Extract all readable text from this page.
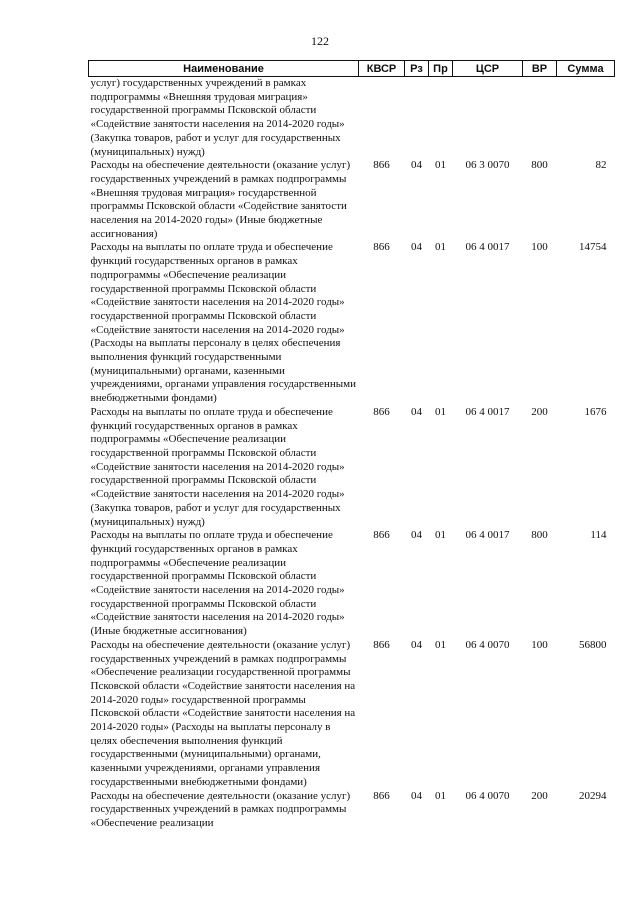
122
Наименование	КВСР	Рз	Пр	ЦСР	ВР	Сумма
услуг) государственных учреждений в рамках подпрограммы «Внешняя трудовая миграция» государственной программы Псковской области «Содействие занятости населения на 2014-2020 годы» (Закупка товаров, работ и услуг для государственных (муниципальных) нужд)						
Расходы на обеспечение деятельности (оказание услуг) государственных учреждений в рамках подпрограммы «Внешняя трудовая миграция» государственной программы Псковской области «Содействие занятости населения на 2014-2020 годы» (Иные бюджетные ассигнования)	866	04	01	06 3 0070	800	82
Расходы на выплаты по оплате труда и обеспечение функций государственных органов в рамках подпрограммы «Обеспечение реализации государственной программы Псковской области «Содействие занятости населения на 2014-2020 годы» государственной программы Псковской области «Содействие занятости населения на 2014-2020 годы» (Расходы на выплаты персоналу в целях обеспечения выполнения функций государственными (муниципальными) органами, казенными учреждениями, органами управления государственными внебюджетными фондами)	866	04	01	06 4 0017	100	14754
Расходы на выплаты по оплате труда и обеспечение функций государственных органов в рамках подпрограммы «Обеспечение реализации государственной программы Псковской области «Содействие занятости населения на 2014-2020 годы» государственной программы Псковской области «Содействие занятости населения на 2014-2020 годы» (Закупка товаров, работ и услуг для государственных (муниципальных) нужд)	866	04	01	06 4 0017	200	1676
Расходы на выплаты по оплате труда и обеспечение функций государственных органов в рамках подпрограммы «Обеспечение реализации государственной программы Псковской области «Содействие занятости населения на 2014-2020 годы» государственной программы Псковской области «Содействие занятости населения на 2014-2020 годы» (Иные бюджетные ассигнования)	866	04	01	06 4 0017	800	114
Расходы на обеспечение деятельности (оказание услуг) государственных учреждений в рамках подпрограммы «Обеспечение реализации государственной программы Псковской области «Содействие занятости населения на 2014-2020 годы» государственной программы Псковской области «Содействие занятости населения на 2014-2020 годы» (Расходы на выплаты персоналу в целях обеспечения выполнения функций государственными (муниципальными) органами, казенными учреждениями, органами управления государственными внебюджетными фондами)	866	04	01	06 4 0070	100	56800
Расходы на обеспечение деятельности (оказание услуг) государственных учреждений в рамках подпрограммы «Обеспечение реализации	866	04	01	06 4 0070	200	20294
